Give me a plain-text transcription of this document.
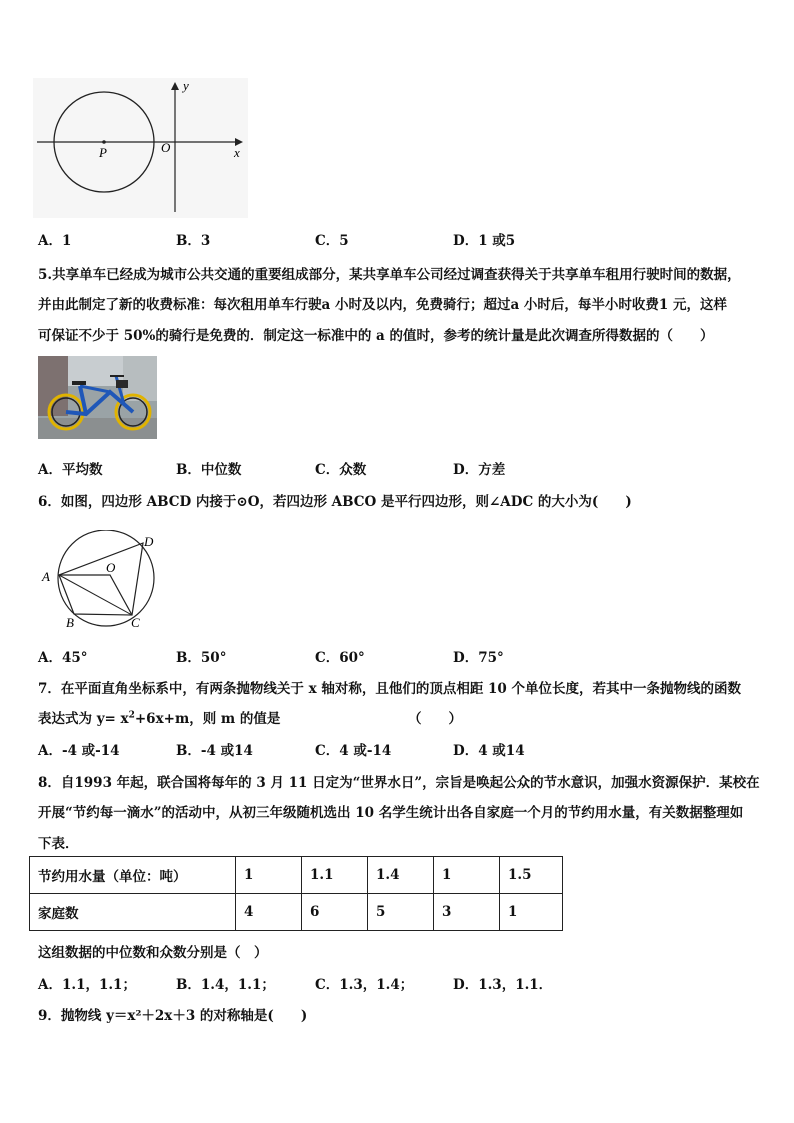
y
x
P	O
A．1	B．3	C．5	D．1 或5
5.共享单车已经成为城市公共交通的重要组成部分，某共享单车公司经过调查获得关于共享单车租用行驶时间的数据，
并由此制定了新的收费标准：每次租用单车行驶a 小时及以内，免费骑行；超过a 小时后，每半小时收费1 元，这样
可保证不少于 50%的骑行是免费的．制定这一标准中的 a 的值时，参考的统计量是此次调查所得数据的（　　）
A．平均数	B．中位数	C．众数	D．方差
6．如图，四边形 ABCD 内接于⊙O，若四边形 ABCO 是平行四边形，则∠ADC 的大小为(　　)
A
B	C
D
O
A．45°	B．50°	C．60°	D．75°
7．在平面直角坐标系中，有两条抛物线关于 x 轴对称，且他们的顶点相距 10 个单位长度，若其中一条抛物线的函数
表达式为 $y= x^2+6x+m$，则 m 的值是	（　　）
A．-4 或-14	B．-4 或14	C．4 或-14	D．4 或14
8．自1993 年起，联合国将每年的 3 月 11 日定为“世界水日”，宗旨是唤起公众的节水意识，加强水资源保护．某校在
开展“节约每一滴水”的活动中，从初三年级随机选出 10 名学生统计出各自家庭一个月的节约用水量，有关数据整理如
下表．
节约用水量（单位：吨）	1	1.1	1.4	1	1.5
家庭数	4	6	5	3	1
这组数据的中位数和众数分别是（　）
A．1.1，1.1；	B．1.4，1.1；	C．1.3，1.4；	D．1.3，1.1．
9．抛物线 y＝x²＋2x＋3 的对称轴是(　　)
